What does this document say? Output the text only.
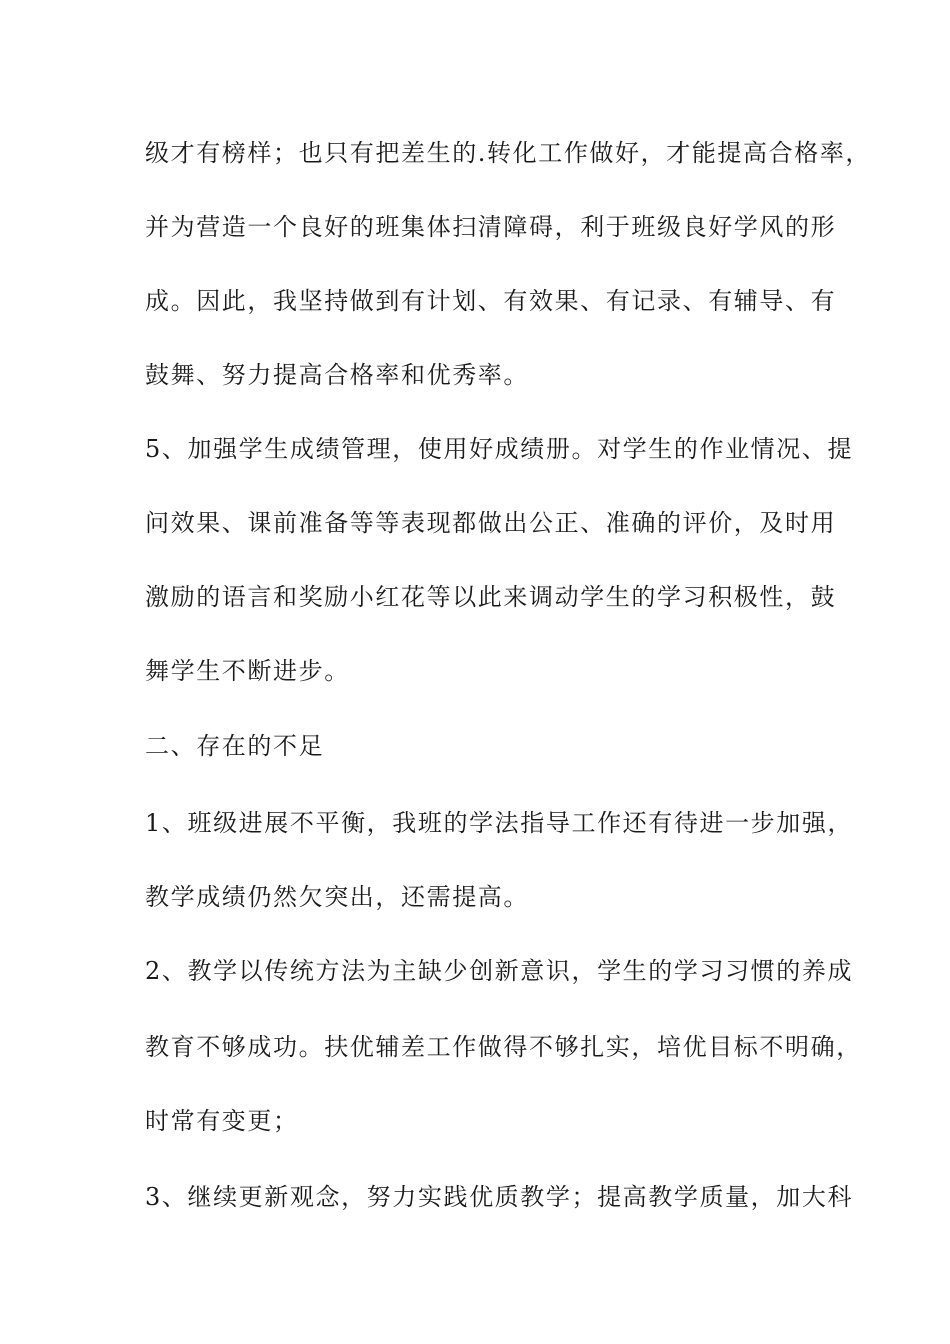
级才有榜样；也只有把差生的.转化工作做好，才能提高合格率，
并为营造一个良好的班集体扫清障碍，利于班级良好学风的形
成。因此，我坚持做到有计划、有效果、有记录、有辅导、有
鼓舞、努力提高合格率和优秀率。
5、加强学生成绩管理，使用好成绩册。对学生的作业情况、提
问效果、课前准备等等表现都做出公正、准确的评价，及时用
激励的语言和奖励小红花等以此来调动学生的学习积极性，鼓
舞学生不断进步。
二、存在的不足
1、班级进展不平衡，我班的学法指导工作还有待进一步加强，
教学成绩仍然欠突出，还需提高。
2、教学以传统方法为主缺少创新意识，学生的学习习惯的养成
教育不够成功。扶优辅差工作做得不够扎实，培优目标不明确，
时常有变更；
3、继续更新观念，努力实践优质教学；提高教学质量，加大科
